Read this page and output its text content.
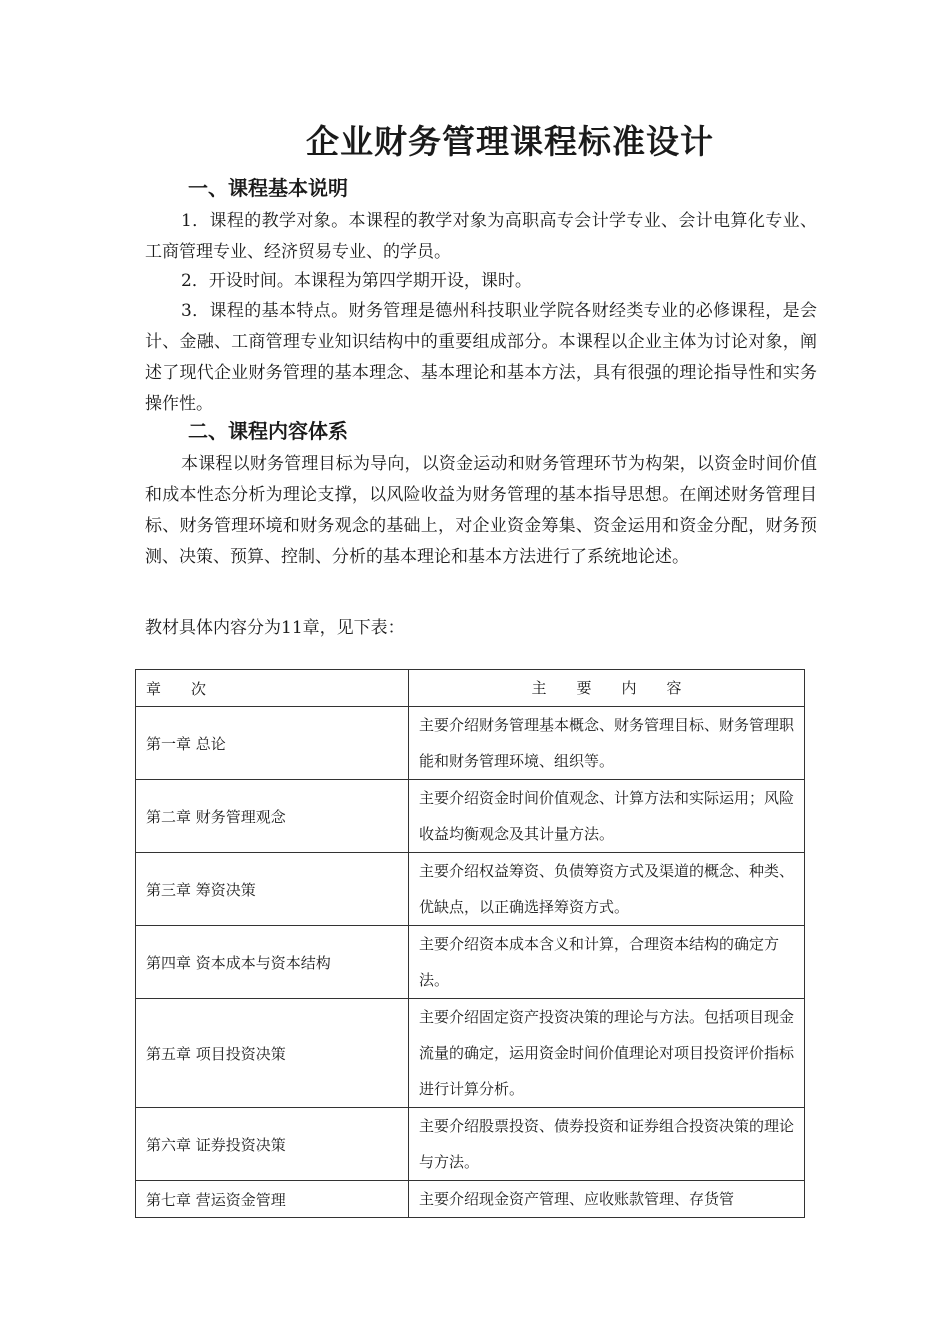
企业财务管理课程标准设计
一、课程基本说明

1．课程的教学对象。本课程的教学对象为高职高专会计学专业、会计电算化专业、工商管理专业、经济贸易专业、的学员。

2．开设时间。本课程为第四学期开设，课时。

3．课程的基本特点。财务管理是德州科技职业学院各财经类专业的必修课程，是会计、金融、工商管理专业知识结构中的重要组成部分。本课程以企业主体为讨论对象，阐述了现代企业财务管理的基本理念、基本理论和基本方法，具有很强的理论指导性和实务操作性。

二、课程内容体系

本课程以财务管理目标为导向，以资金运动和财务管理环节为构架，以资金时间价值和成本性态分析为理论支撑，以风险收益为财务管理的基本指导思想。在阐述财务管理目标、财务管理环境和财务观念的基础上，对企业资金筹集、资金运用和资金分配，财务预测、决策、预算、控制、分析的基本理论和基本方法进行了系统地论述。

教材具体内容分为11章，见下表：

章　　次	主　　要　　内　　容
第一章 总论	主要介绍财务管理基本概念、财务管理目标、财务管理职能和财务管理环境、组织等。
第二章 财务管理观念	主要介绍资金时间价值观念、计算方法和实际运用；风险收益均衡观念及其计量方法。
第三章 筹资决策	主要介绍权益筹资、负债筹资方式及渠道的概念、种类、优缺点，以正确选择筹资方式。
第四章 资本成本与资本结构	主要介绍资本成本含义和计算，合理资本结构的确定方法。
第五章 项目投资决策	主要介绍固定资产投资决策的理论与方法。包括项目现金流量的确定，运用资金时间价值理论对项目投资评价指标进行计算分析。
第六章 证券投资决策	主要介绍股票投资、债券投资和证券组合投资决策的理论与方法。
第七章 营运资金管理	主要介绍现金资产管理、应收账款管理、存货管
